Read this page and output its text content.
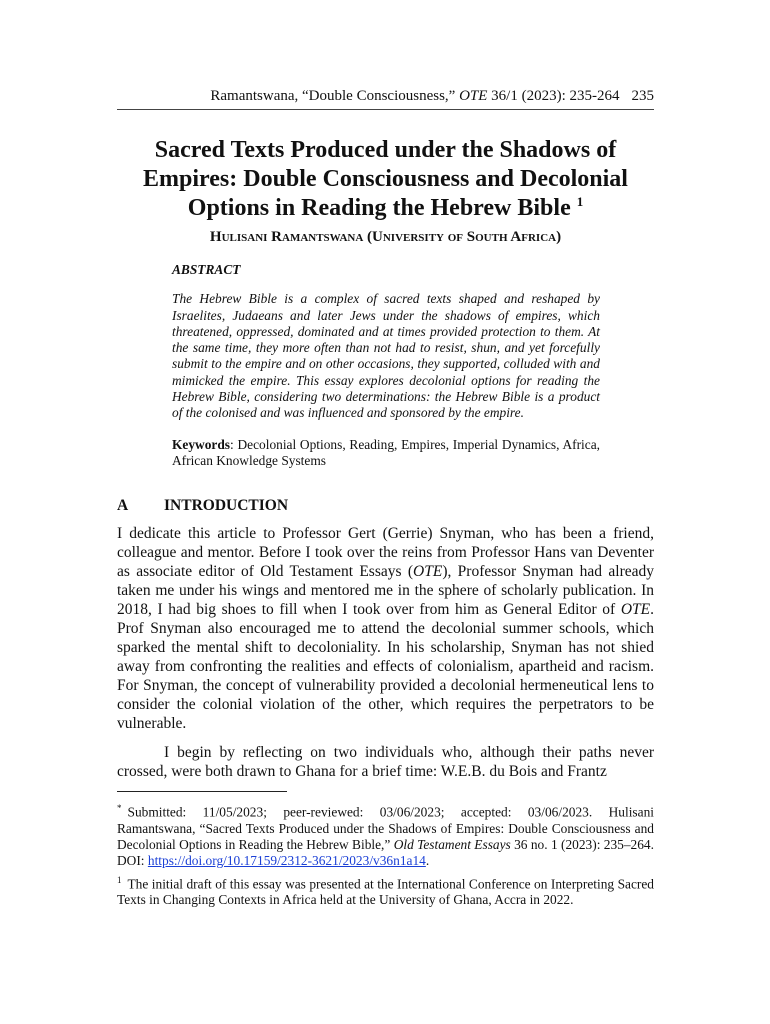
Ramantswana, “Double Consciousness,” OTE 36/1 (2023): 235-264 235
Sacred Texts Produced under the Shadows of
Empires: Double Consciousness and Decolonial
Options in Reading the Hebrew Bible $^1$
Hulisani Ramantswana (University of South Africa)
ABSTRACT
The Hebrew Bible is a complex of sacred texts shaped and reshaped by Israelites, Judaeans and later Jews under the shadows of empires, which threatened, oppressed, dominated and at times provided protection to them. At the same time, they more often than not had to resist, shun, and yet forcefully submit to the empire and on other occasions, they supported, colluded with and mimicked the empire. This essay explores decolonial options for reading the Hebrew Bible, considering two determinations: the Hebrew Bible is a product of the colonised and was influenced and sponsored by the empire.
Keywords: Decolonial Options, Reading, Empires, Imperial Dynamics, Africa, African Knowledge Systems
A INTRODUCTION

I dedicate this article to Professor Gert (Gerrie) Snyman, who has been a friend, colleague and mentor. Before I took over the reins from Professor Hans van Deventer as associate editor of Old Testament Essays (OTE), Professor Snyman had already taken me under his wings and mentored me in the sphere of scholarly publication. In 2018, I had big shoes to fill when I took over from him as General Editor of OTE. Prof Snyman also encouraged me to attend the decolonial summer schools, which sparked the mental shift to decoloniality. In his scholarship, Snyman has not shied away from confronting the realities and effects of colonialism, apartheid and racism. For Snyman, the concept of vulnerability provided a decolonial hermeneutical lens to consider the colonial violation of the other, which requires the perpetrators to be vulnerable.

I begin by reflecting on two individuals who, although their paths never crossed, were both drawn to Ghana for a brief time: W.E.B. du Bois and Frantz

* Submitted: 11/05/2023; peer-reviewed: 03/06/2023; accepted: 03/06/2023. Hulisani Ramantswana, “Sacred Texts Produced under the Shadows of Empires: Double Consciousness and Decolonial Options in Reading the Hebrew Bible,” Old Testament Essays 36 no. 1 (2023): 235–264. DOI: https://doi.org/10.17159/2312-3621/2023/v36n1a14.

$^1$ The initial draft of this essay was presented at the International Conference on Interpreting Sacred Texts in Changing Contexts in Africa held at the University of Ghana, Accra in 2022.
